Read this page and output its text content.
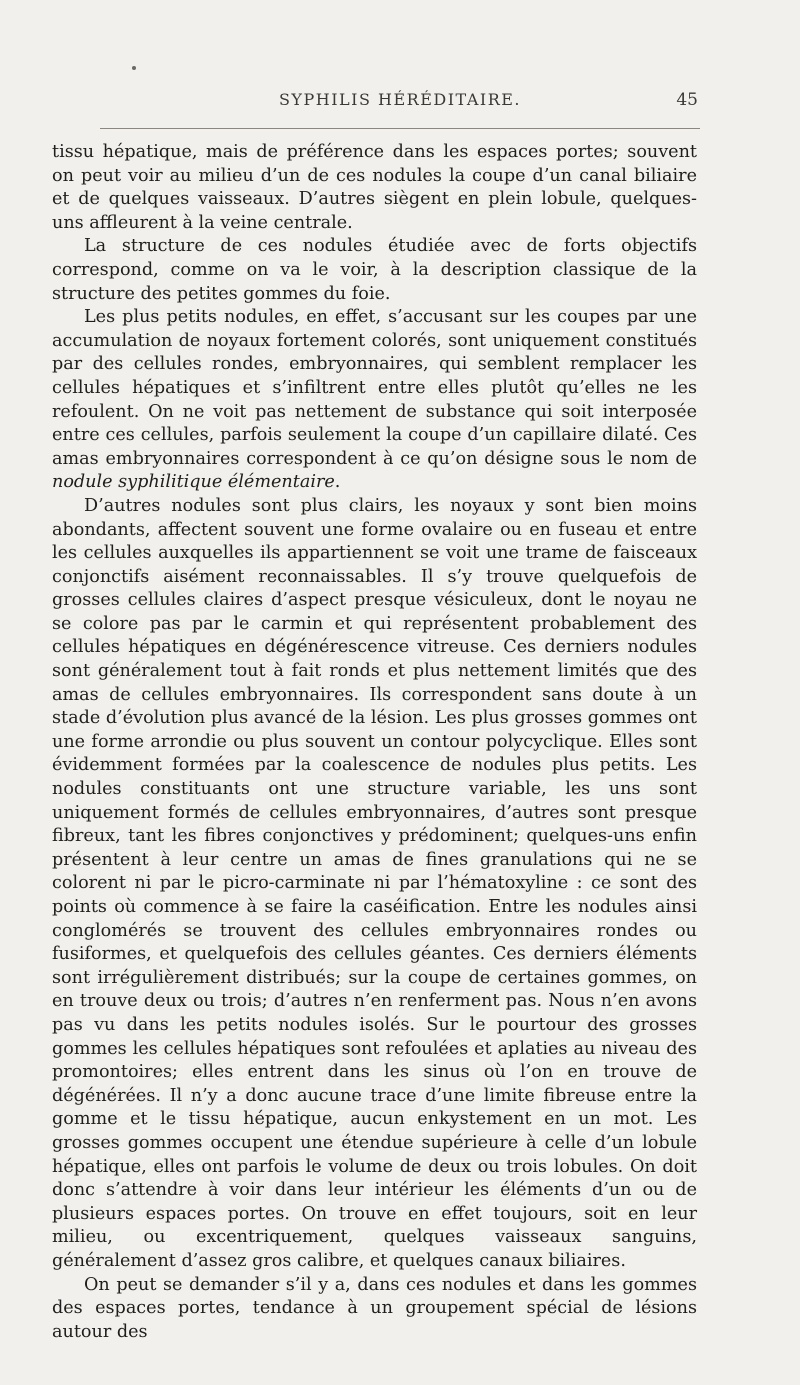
SYPHILIS HÉRÉDITAIRE.	45

tissu hépatique, mais de préférence dans les espaces portes; souvent on peut voir au milieu d’un de ces nodules la coupe d’un canal biliaire et de quelques vaisseaux. D’autres siègent en plein lobule, quelques-uns affleurent à la veine centrale.

La structure de ces nodules étudiée avec de forts objectifs correspond, comme on va le voir, à la description classique de la structure des petites gommes du foie.

Les plus petits nodules, en effet, s’accusant sur les coupes par une accumulation de noyaux fortement colorés, sont uniquement constitués par des cellules rondes, embryonnaires, qui semblent remplacer les cellules hépatiques et s’infiltrent entre elles plutôt qu’elles ne les refoulent. On ne voit pas nettement de substance qui soit interposée entre ces cellules, parfois seulement la coupe d’un capillaire dilaté. Ces amas embryonnaires correspondent à ce qu’on désigne sous le nom de nodule syphilitique élémentaire.

D’autres nodules sont plus clairs, les noyaux y sont bien moins abondants, affectent souvent une forme ovalaire ou en fuseau et entre les cellules auxquelles ils appartiennent se voit une trame de faisceaux conjonctifs aisément reconnaissables. Il s’y trouve quelquefois de grosses cellules claires d’aspect presque vésiculeux, dont le noyau ne se colore pas par le carmin et qui représentent probablement des cellules hépatiques en dégénérescence vitreuse. Ces derniers nodules sont généralement tout à fait ronds et plus nettement limités que des amas de cellules embryonnaires. Ils correspondent sans doute à un stade d’évolution plus avancé de la lésion. Les plus grosses gommes ont une forme arrondie ou plus souvent un contour polycyclique. Elles sont évidemment formées par la coalescence de nodules plus petits. Les nodules constituants ont une structure variable, les uns sont uniquement formés de cellules embryonnaires, d’autres sont presque fibreux, tant les fibres conjonctives y prédominent; quelques-uns enfin présentent à leur centre un amas de fines granulations qui ne se colorent ni par le picro-carminate ni par l’hématoxyline : ce sont des points où commence à se faire la caséification. Entre les nodules ainsi conglomérés se trouvent des cellules embryonnaires rondes ou fusiformes, et quelquefois des cellules géantes. Ces derniers éléments sont irrégulièrement distribués; sur la coupe de certaines gommes, on en trouve deux ou trois; d’autres n’en renferment pas. Nous n’en avons pas vu dans les petits nodules isolés. Sur le pourtour des grosses gommes les cellules hépatiques sont refoulées et aplaties au niveau des promontoires; elles entrent dans les sinus où l’on en trouve de dégénérées. Il n’y a donc aucune trace d’une limite fibreuse entre la gomme et le tissu hépatique, aucun enkystement en un mot. Les grosses gommes occupent une étendue supérieure à celle d’un lobule hépatique, elles ont parfois le volume de deux ou trois lobules. On doit donc s’attendre à voir dans leur intérieur les éléments d’un ou de plusieurs espaces portes. On trouve en effet toujours, soit en leur milieu, ou excentriquement, quelques vaisseaux sanguins, généralement d’assez gros calibre, et quelques canaux biliaires.

On peut se demander s’il y a, dans ces nodules et dans les gommes des espaces portes, tendance à un groupement spécial de lésions autour des
